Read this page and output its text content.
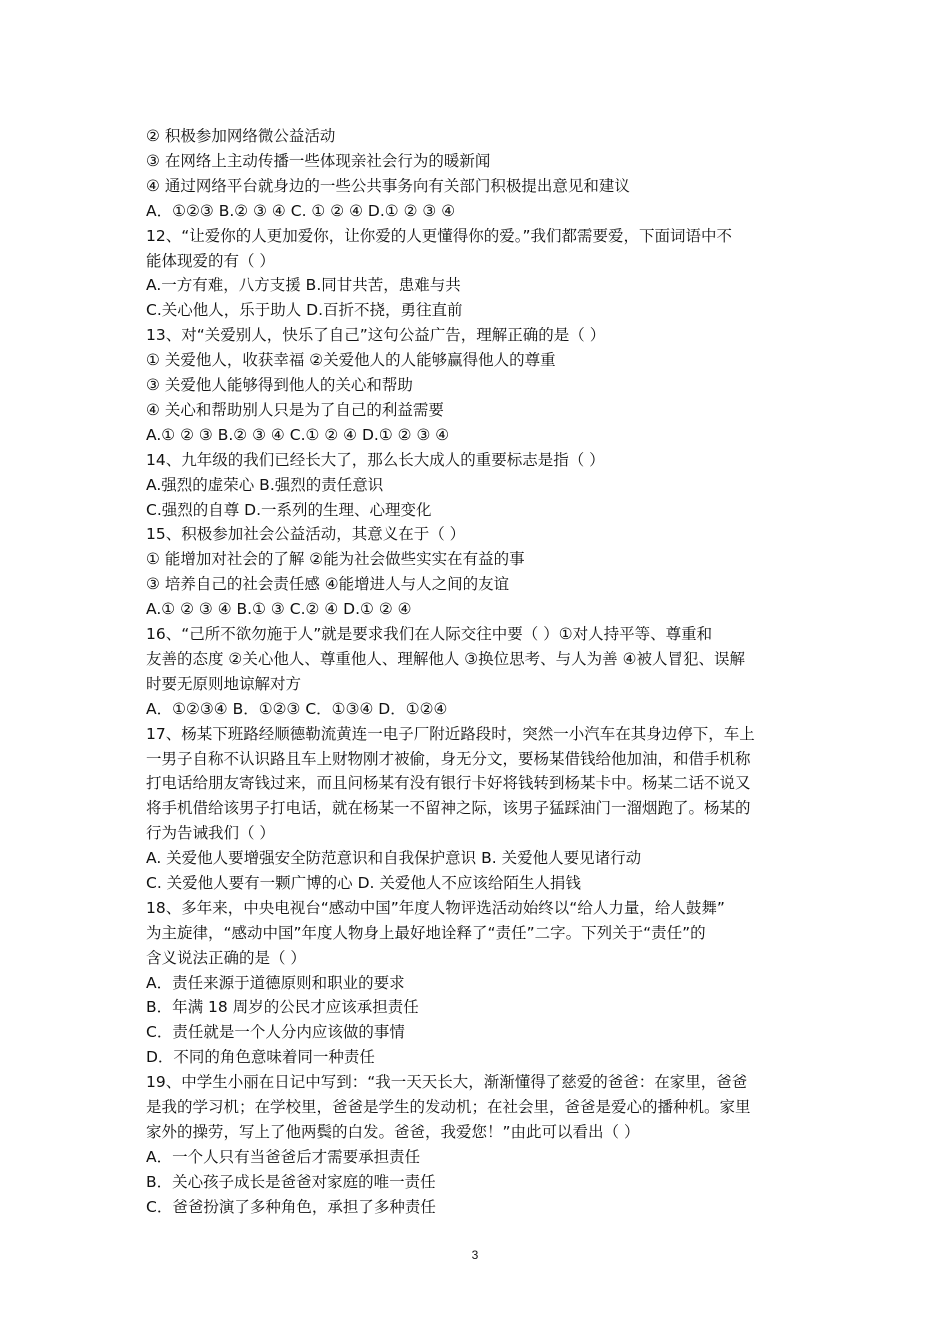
② 积极参加网络微公益活动
③ 在网络上主动传播一些体现亲社会行为的暖新闻
④ 通过网络平台就身边的一些公共事务向有关部门积极提出意见和建议
A．①②③ B.② ③ ④ C. ① ② ④ D.① ② ③ ④
12、“让爱你的人更加爱你，让你爱的人更懂得你的爱。”我们都需要爱，下面词语中不
能体现爱的有（ ）
A.一方有难，八方支援 B.同甘共苦，患难与共
C.关心他人，乐于助人 D.百折不挠，勇往直前
13、对“关爱别人，快乐了自己”这句公益广告，理解正确的是（ ）
① 关爱他人，收获幸福 ②关爱他人的人能够赢得他人的尊重
③ 关爱他人能够得到他人的关心和帮助
④ 关心和帮助别人只是为了自己的利益需要
A.① ② ③ B.② ③ ④ C.① ② ④ D.① ② ③ ④
14、九年级的我们已经长大了，那么长大成人的重要标志是指（ ）
A.强烈的虚荣心 B.强烈的责任意识
C.强烈的自尊 D.一系列的生理、心理变化
15、积极参加社会公益活动，其意义在于（ ）
① 能增加对社会的了解 ②能为社会做些实实在有益的事
③ 培养自己的社会责任感 ④能增进人与人之间的友谊
A.① ② ③ ④ B.① ③ C.② ④ D.① ② ④
16、“己所不欲勿施于人”就是要求我们在人际交往中要（ ）①对人持平等、尊重和
友善的态度 ②关心他人、尊重他人、理解他人 ③换位思考、与人为善 ④被人冒犯、误解
时要无原则地谅解对方
A．①②③④ B．①②③ C．①③④ D．①②④
17、杨某下班路经顺德勒流黄连一电子厂附近路段时，突然一小汽车在其身边停下，车上
一男子自称不认识路且车上财物刚才被偷，身无分文，要杨某借钱给他加油，和借手机称
打电话给朋友寄钱过来，而且问杨某有没有银行卡好将钱转到杨某卡中。杨某二话不说又
将手机借给该男子打电话，就在杨某一不留神之际，该男子猛踩油门一溜烟跑了。杨某的
行为告诫我们（ ）
A. 关爱他人要增强安全防范意识和自我保护意识 B. 关爱他人要见诸行动
C. 关爱他人要有一颗广博的心 D. 关爱他人不应该给陌生人捐钱
18、多年来，中央电视台“感动中国”年度人物评选活动始终以“给人力量，给人鼓舞”
为主旋律，“感动中国”年度人物身上最好地诠释了“责任”二字。下列关于“责任”的
含义说法正确的是（ ）
A．责任来源于道德原则和职业的要求
B．年满 18 周岁的公民才应该承担责任
C．责任就是一个人分内应该做的事情
D．不同的角色意味着同一种责任
19、中学生小丽在日记中写到：“我一天天长大，渐渐懂得了慈爱的爸爸：在家里，爸爸
是我的学习机；在学校里，爸爸是学生的发动机；在社会里，爸爸是爱心的播种机。家里
家外的操劳，写上了他两鬓的白发。爸爸，我爱您！”由此可以看出（ ）
A．一个人只有当爸爸后才需要承担责任
B．关心孩子成长是爸爸对家庭的唯一责任
C．爸爸扮演了多种角色，承担了多种责任
3
